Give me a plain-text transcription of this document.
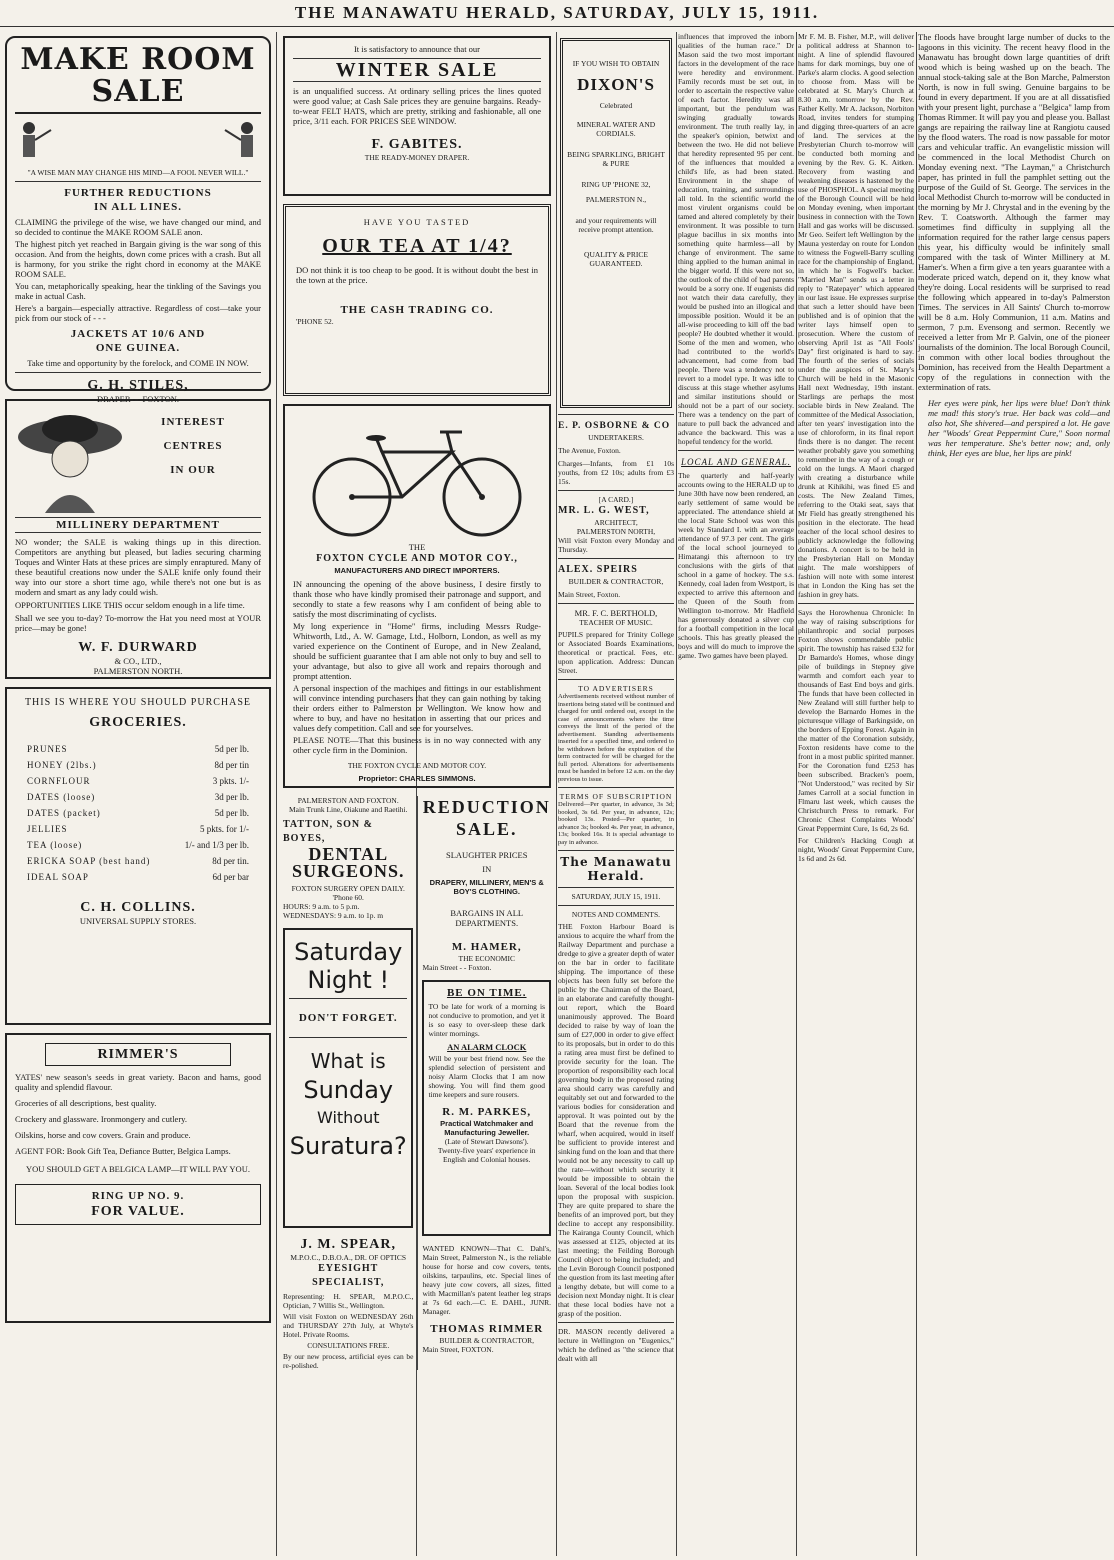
THE MANAWATU HERALD, SATURDAY, JULY 15, 1911.
MAKE ROOM SALE
"A WISE MAN MAY CHANGE HIS MIND—A FOOL NEVER WILL."
FURTHER REDUCTIONS
IN ALL LINES.
CLAIMING the privilege of the wise, we have changed our mind, and so decided to continue the MAKE ROOM SALE anon.
The highest pitch yet reached in Bargain giving is the war song of this occasion. And from the heights, down come prices with a crash. But all is harmony, for you strike the right chord in economy at the MAKE ROOM SALE.
You can, metaphorically speaking, hear the tinkling of the Savings you make in actual Cash.
Here's a bargain—especially attractive. Regardless of cost—take your pick from our stock of - - -
JACKETS AT 10/6 AND
ONE GUINEA.
Take time and opportunity by the forelock, and COME IN NOW.
G. H. STILES,
DRAPER - - FOXTON.
INTEREST
CENTRES
IN OUR
MILLINERY DEPARTMENT
NO wonder; the SALE is waking things up in this direction. Competitors are anything but pleased, but ladies securing charming Toques and Winter Hats at these prices are simply enraptured. Many of these beautiful creations now under the SALE knife only found their way into our store a short time ago, while there's not one but is as modern and smart as any lady could wish.
OPPORTUNITIES LIKE THIS occur seldom enough in a life time.
Shall we see you to-day? To-morrow the Hat you need most at YOUR price—may be gone!
W. F. DURWARD
& CO., LTD.,
PALMERSTON NORTH.
THIS IS WHERE YOU SHOULD PURCHASE
GROCERIES.
PRUNES	5d per lb.
HONEY (2lbs.)	8d per tin
CORNFLOUR	3 pkts. 1/-
DATES (loose)	3d per lb.
DATES (packet)	5d per lb.
JELLIES	5 pkts. for 1/-
TEA (loose)	1/- and 1/3 per lb.
ERICKA SOAP (best hand)	8d per tin.
IDEAL SOAP	6d per bar
C. H. COLLINS.
UNIVERSAL SUPPLY STORES.
RIMMER'S
YATES' new season's seeds in great variety. Bacon and hams, good quality and splendid flavour.
Groceries of all descriptions, best quality.
Crockery and glassware. Ironmongery and cutlery.
Oilskins, horse and cow covers. Grain and produce.
AGENT FOR: Book Gift Tea, Defiance Butter, Belgica Lamps.
YOU SHOULD GET A BELGICA LAMP—IT WILL PAY YOU.
RING UP NO. 9.
FOR VALUE.
It is satisfactory to announce that our
WINTER SALE
is an unqualified success. At ordinary selling prices the lines quoted were good value; at Cash Sale prices they are genuine bargains. Ready-to-wear FELT HATS, which are pretty, striking and fashionable, all one price, 3/11 each. FOR PRICES SEE WINDOW.
F. GABITES.
THE READY-MONEY DRAPER.
HAVE YOU TASTED
OUR TEA AT 1/4?
DO not think it is too cheap to be good. It is without doubt the best in the town at the price.
THE CASH TRADING CO.
'PHONE 52.
THE
FOXTON CYCLE AND MOTOR COY.,
MANUFACTURERS AND DIRECT IMPORTERS.
IN announcing the opening of the above business, I desire firstly to thank those who have kindly promised their patronage and support, and secondly to state a few reasons why I am confident of being able to satisfy the most discriminating of cyclists.
My long experience in "Home" firms, including Messrs Rudge-Whitworth, Ltd., A. W. Gamage, Ltd., Holborn, London, as well as my varied experience on the Continent of Europe, and in New Zealand, should be sufficient guarantee that I am able not only to buy and sell to your advantage, but also to give all work and repairs thorough and prompt attention.
A personal inspection of the machines and fittings in our establishment will convince intending purchasers that they can gain nothing by taking their orders either to Palmerston or Wellington. We know how and where to buy, and have no hesitation in asserting that our prices and values defy competition. Call and see for yourselves.
PLEASE NOTE—That this business is in no way connected with any other cycle firm in the Dominion.
THE FOXTON CYCLE AND MOTOR COY.
Proprietor: CHARLES SIMMONS.
PALMERSTON AND FOXTON.
Main Trunk Line, Oiakune and Raetihi.
TATTON, SON & BOYES,
DENTAL
SURGEONS.
FOXTON SURGERY OPEN DAILY.
'Phone 60.
HOURS: 9 a.m. to 5 p.m.
WEDNESDAYS: 9 a.m. to 1p. m
Saturday
Night !
DON'T FORGET.
What is
Sunday
Without
Suratura?
J. M. SPEAR,
M.P.O.C., D.B.O.A., DR. OF OPTICS
EYESIGHT SPECIALIST,
Representing: H. SPEAR, M.P.O.C., Optician, 7 Willis St., Wellington.
Will visit Foxton on WEDNESDAY 26th and THURSDAY 27th July, at Whyte's Hotel. Private Rooms.
CONSULTATIONS FREE.
By our new process, artificial eyes can be re-polished.
REDUCTION
SALE.
SLAUGHTER PRICES
IN
DRAPERY, MILLINERY, MEN'S & BOY'S CLOTHING.
BARGAINS IN ALL DEPARTMENTS.
M. HAMER,
THE ECONOMIC
Main Street - - Foxton.
BE ON TIME.
TO be late for work of a morning is not conducive to promotion, and yet it is so easy to over-sleep these dark winter mornings.
AN ALARM CLOCK
Will be your best friend now. See the splendid selection of persistent and noisy Alarm Clocks that I am now showing. You will find them good time keepers and sure rousers.
R. M. PARKES,
Practical Watchmaker and Manufacturing Jeweller.
(Late of Stewart Dawsons').
Twenty-five years' experience in English and Colonial houses.
WANTED KNOWN—That C. Dahl's, Main Street, Palmerston N., is the reliable house for horse and cow covers, tents, oilskins, tarpaulins, etc. Special lines of heavy jute cow covers, all sizes, fitted with Macmillan's patent leather leg straps at 7s 6d each.—C. E. DAHL, JUNR. Manager.
THOMAS RIMMER
BUILDER & CONTRACTOR,
Main Street, FOXTON.
IF YOU WISH TO OBTAIN
DIXON'S
Celebrated
MINERAL WATER AND CORDIALS.
BEING SPARKLING, BRIGHT & PURE
RING UP 'PHONE 32,
PALMERSTON N.,
and your requirements will receive prompt attention.
QUALITY & PRICE GUARANTEED.
E. P. OSBORNE & CO
UNDERTAKERS.
The Avenue, Foxton.
Charges—Infants, from £1 10s youths, from £2 10s; adults from £3 15s.
[A CARD.]
MR. L. G. WEST,
ARCHITECT,
PALMERSTON NORTH,
Will visit Foxton every Monday and Thursday.
ALEX. SPEIRS
BUILDER & CONTRACTOR,
Main Street, Foxton.
MR. F. C. BERTHOLD,
TEACHER OF MUSIC.
PUPILS prepared for Trinity College or Associated Boards Examinations, theoretical or practical. Fees, etc. upon application. Address: Duncan Street.
TO ADVERTISERS
Advertisements received without number of insertions being stated will be continued and charged for until ordered out, except in the case of announcements where the time conveys the limit of the period of the advertisement. Standing advertisements inserted for a specified time, and ordered to be withdrawn before the expiration of the term contracted for will be charged for the full period. Alterations for advertisements must be handed in before 12 a.m. on the day previous to issue.
TERMS OF SUBSCRIPTION
Delivered—Per quarter, in advance, 3s 3d; booked, 3s 6d. Per year, in advance, 12s; booked 13s. Posted—Per quarter, in advance 3s; booked 4s. Per year, in advance, 13s; booked 16s. It is special advantage to pay in advance.
The Manawatu Herald.
SATURDAY, JULY 15, 1911.
NOTES AND COMMENTS.
THE Foxton Harbour Board is anxious to acquire the wharf from the Railway Department and purchase a dredge to give a greater depth of water on the bar in order to facilitate shipping. The importance of these objects has been fully set before the public by the Chairman of the Board, in an elaborate and carefully thought-out report, which the Board unanimously approved. The Board decided to raise by way of loan the sum of £27,000 in order to give effect to its proposals, but in order to do this a rating area must first be defined to provide security for the loan. The proportion of responsibility each local governing body in the proposed rating area should carry was carefully and equitably set out and forwarded to the various bodies for consideration and approval. It was pointed out by the Board that the revenue from the wharf, when acquired, would in itself be sufficient to provide interest and sinking fund on the loan and that there would not be any necessity to call up the rate—without which security it would be impossible to obtain the loan. Several of the local bodies look upon the proposal with suspicion. They are quite prepared to share the benefits of an improved port, but they decline to accept any responsibility. The Kairanga County Council, which was assessed at £125, objected at its last meeting; the Feilding Borough Council object to being included; and the Levin Borough Council postponed the question from its last meeting after a lengthy debate, but will come to a decision next Monday night. It is clear that these local bodies have not a grasp of the position.
DR. MASON recently delivered a lecture in Wellington on "Eugenics," which he defined as "the science that dealt with all
influences that improved the inborn qualities of the human race." Dr Mason said the two most important factors in the development of the race were heredity and environment. Family records must be set out, in order to ascertain the respective value of each factor. Heredity was all important, but the pendulum was swinging gradually towards environment. The truth really lay, in the speaker's opinion, betwixt and between the two. He did not believe that heredity represented 95 per cent. of the influences that moulded a child's life, as had been stated. Environment in the shape of education, training, and surroundings all told. In the scientific world the most virulent organisms could be tamed and altered completely by their environment. It was possible to turn plague bacillus in six months into something quite harmless—all by change of environment. The same thing applied to the human animal in the bigger world. If this were not so, the outlook of the child of bad parents would be a sorry one. If eugenists did not watch their data carefully, they would be pushed into an illogical and impossible position. Would it be an all-wise proceeding to kill off the bad people? He doubted whether it would. Some of the men and women, who had contributed to the world's advancement, had come from bad people. There was a tendency not to revert to a model type. It was idle to discuss at this stage whether asylums and similar institutions should or should not be a part of our society. There was a tendency on the part of nature to pull back the advanced and advance the backward. This was a hopeful tendency for the world.
LOCAL AND GENERAL.
The quarterly and half-yearly accounts owing to the HERALD up to June 30th have now been rendered, an early settlement of same would be appreciated. The attendance shield at the local State School was won this week by Standard I. with an average attendance of 97.3 per cent. The girls of the local school journeyed to Himatangi this afternoon to try conclusions with the girls of that school in a game of hockey. The s.s. Kennedy, coal laden from Westport, is expected to arrive this afternoon and the Queen of the South from Wellington to-morrow. Mr Hadfield has generously donated a silver cup for a football competition in the local schools. This has greatly pleased the boys and will do much to improve the game. Two games have been played.
Mr F. M. B. Fisher, M.P., will deliver a political address at Shannon to-night. A line of splendid flavoured hams for dark mornings, buy one of Parke's alarm clocks. A good selection to choose from. Mass will be celebrated at St. Mary's Church at 8.30 a.m. tomorrow by the Rev. Father Kelly. Mr A. Jackson, Norbiton Road, invites tenders for stumping and digging three-quarters of an acre of land. The services at the Presbyterian Church to-morrow will be conducted both morning and evening by the Rev. G. K. Aitken. Recovery from wasting and weakening diseases is hastened by the use of PHOSPHOL. A special meeting of the Borough Council will be held on Monday evening, when important business in connection with the Town Hall and gas works will be discussed. Mr Geo. Seifert left Wellington by the Mauna yesterday on route for London to witness the Fogwell-Barry sculling race for the championship of England, in which he is Fogwell's backer. "Married Man" sends us a letter in reply to "Ratepayer" which appeared in our last issue. He expresses surprise that such a letter should have been published and is of opinion that the writer lays himself open to prosecution. Where the custom of observing April 1st as "All Fools' Day" first originated is hard to say. The fourth of the series of socials under the auspices of St. Mary's Church will be held in the Masonic Hall next Wednesday, 19th instant. Starlings are perhaps the most sociable birds in New Zealand. The committee of the Medical Association, after ten years' investigation into the use of chloroform, in its final report finds there is no danger. The recent weather probably gave you something to remember in the way of a cough or cold on the lungs. A Maori charged with creating a disturbance while drunk at Kihikihi, was fined £5 and costs. The New Zealand Times, referring to the Otaki seat, says that Mr Field has greatly strengthened his position in the electorate. The head teacher of the local school desires to publicly acknowledge the following donations. A concert is to be held in the Presbyterian Hall on Monday night. The male worshippers of fashion will note with some interest that in London the King has set the fashion in grey hats.
Says the Horowhenua Chronicle: In the way of raising subscriptions for philanthropic and social purposes Foxton shows commendable public spirit. The township has raised £32 for Dr Barnardo's Homes, whose dingy pile of buildings in Stepney give warmth and comfort each year to thousands of East End boys and girls. The funds that have been collected in New Zealand will still further help to develop the Barnardo Homes in the picturesque village of Barkingside, on the borders of Epping Forest. Again in the matter of the Coronation subsidy, Foxton residents have come to the front in a most public spirited manner. For the Coronation fund £253 has been subscribed. Bracken's poem, "Not Understood," was recited by Sir James Carroll at a social function in Flmaru last week, which causes the Christchurch Press to remark. For Chronic Chest Complaints Woods' Great Peppermint Cure, 1s 6d, 2s 6d.
For Children's Hacking Cough at night, Woods' Great Peppermint Cure, 1s 6d and 2s 6d.
The floods have brought large number of ducks to the lagoons in this vicinity. The recent heavy flood in the Manawatu has brought down large quantities of drift wood which is being washed up on the beach. The annual stock-taking sale at the Bon Marche, Palmerston North, is now in full swing. Genuine bargains to be found in every department. If you are at all dissatisfied with your present light, purchase a "Belgica" lamp from Thomas Rimmer. It will pay you and please you. Ballast gangs are repairing the railway line at Rangiotu caused by the flood waters. The road is now passable for motor cars and vehicular traffic. An evangelistic mission will be commenced in the local Methodist Church on Monday evening next. "The Layman," a Christchurch paper, has printed in full the pamphlet setting out the purpose of the Guild of St. George. The services in the local Methodist Church to-morrow will be conducted in the morning by Mr J. Chrystal and in the evening by the Rev. T. Coatsworth. Although the farmer may sometimes find difficulty in supplying all the information required for the rather large census papers this year, his difficulty would be infinitely small compared with the task of Winter Millinery at M. Hamer's. When a firm give a ten years guarantee with a moderate priced watch, depend on it, they know what they're doing. Local residents will be surprised to read the following which appeared in to-day's Palmerston Times. The services in All Saints' Church to-morrow will be 8 a.m. Holy Communion, 11 a.m. Matins and sermon, 7 p.m. Evensong and sermon. Recently we received a letter from Mr P. Galvin, one of the pioneer journalists of the dominion. The local Borough Council, in common with other local bodies throughout the Dominion, has received from the Health Department a copy of the regulations in connection with the extermination of rats.
Her eyes were pink, her lips were blue! Don't think me mad! this story's true. Her back was cold—and also hot, She shivered—and perspired a lot. He gave her "Woods' Great Peppermint Cure," Soon normal was her temperature. She's better now; and, only think, Her eyes are blue, her lips are pink!
